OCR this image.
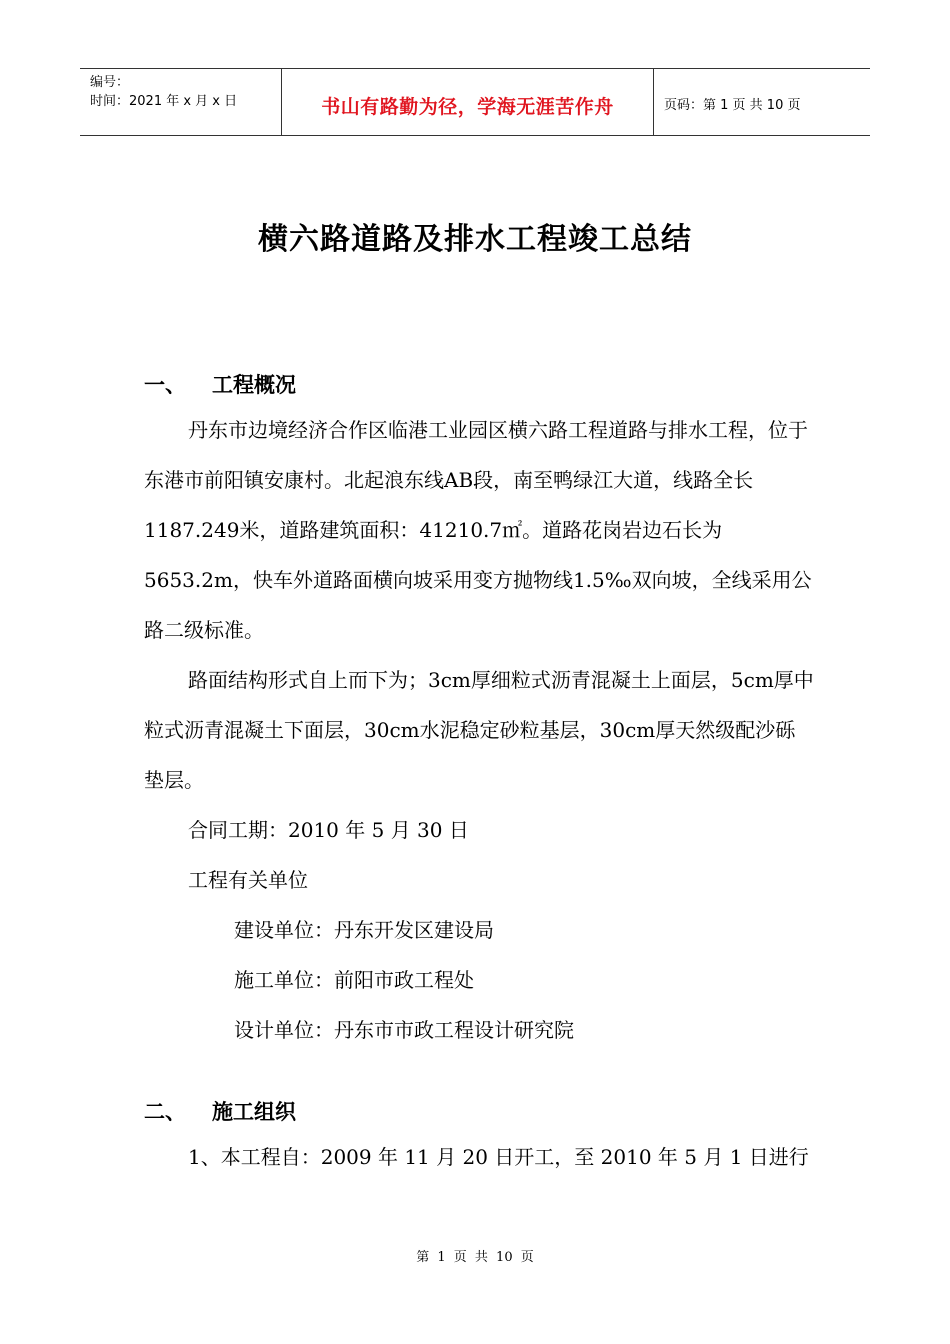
编号：
时间：2021 年 x 月 x 日	书山有路勤为径，学海无涯苦作舟	页码：第 1 页 共 10 页
横六路道路及排水工程竣工总结
一、	工程概况

丹东市边境经济合作区临港工业园区横六路工程道路与排水工程，位于东港市前阳镇安康村。北起浪东线AB段，南至鸭绿江大道，线路全长1187.249米，道路建筑面积：41210.7㎡。道路花岗岩边石长为5653.2m，快车外道路面横向坡采用变方抛物线1.5‰双向坡，全线采用公路二级标准。

路面结构形式自上而下为；3cm厚细粒式沥青混凝土上面层，5cm厚中粒式沥青混凝土下面层，30cm水泥稳定砂粒基层，30cm厚天然级配沙砾垫层。

合同工期：2010 年 5 月 30 日

工程有关单位

建设单位：丹东开发区建设局

施工单位：前阳市政工程处

设计单位：丹东市市政工程设计研究院

二、	施工组织

1、本工程自：2009 年 11 月 20 日开工，至 2010 年 5 月 1 日进行

第 1 页 共 10 页
